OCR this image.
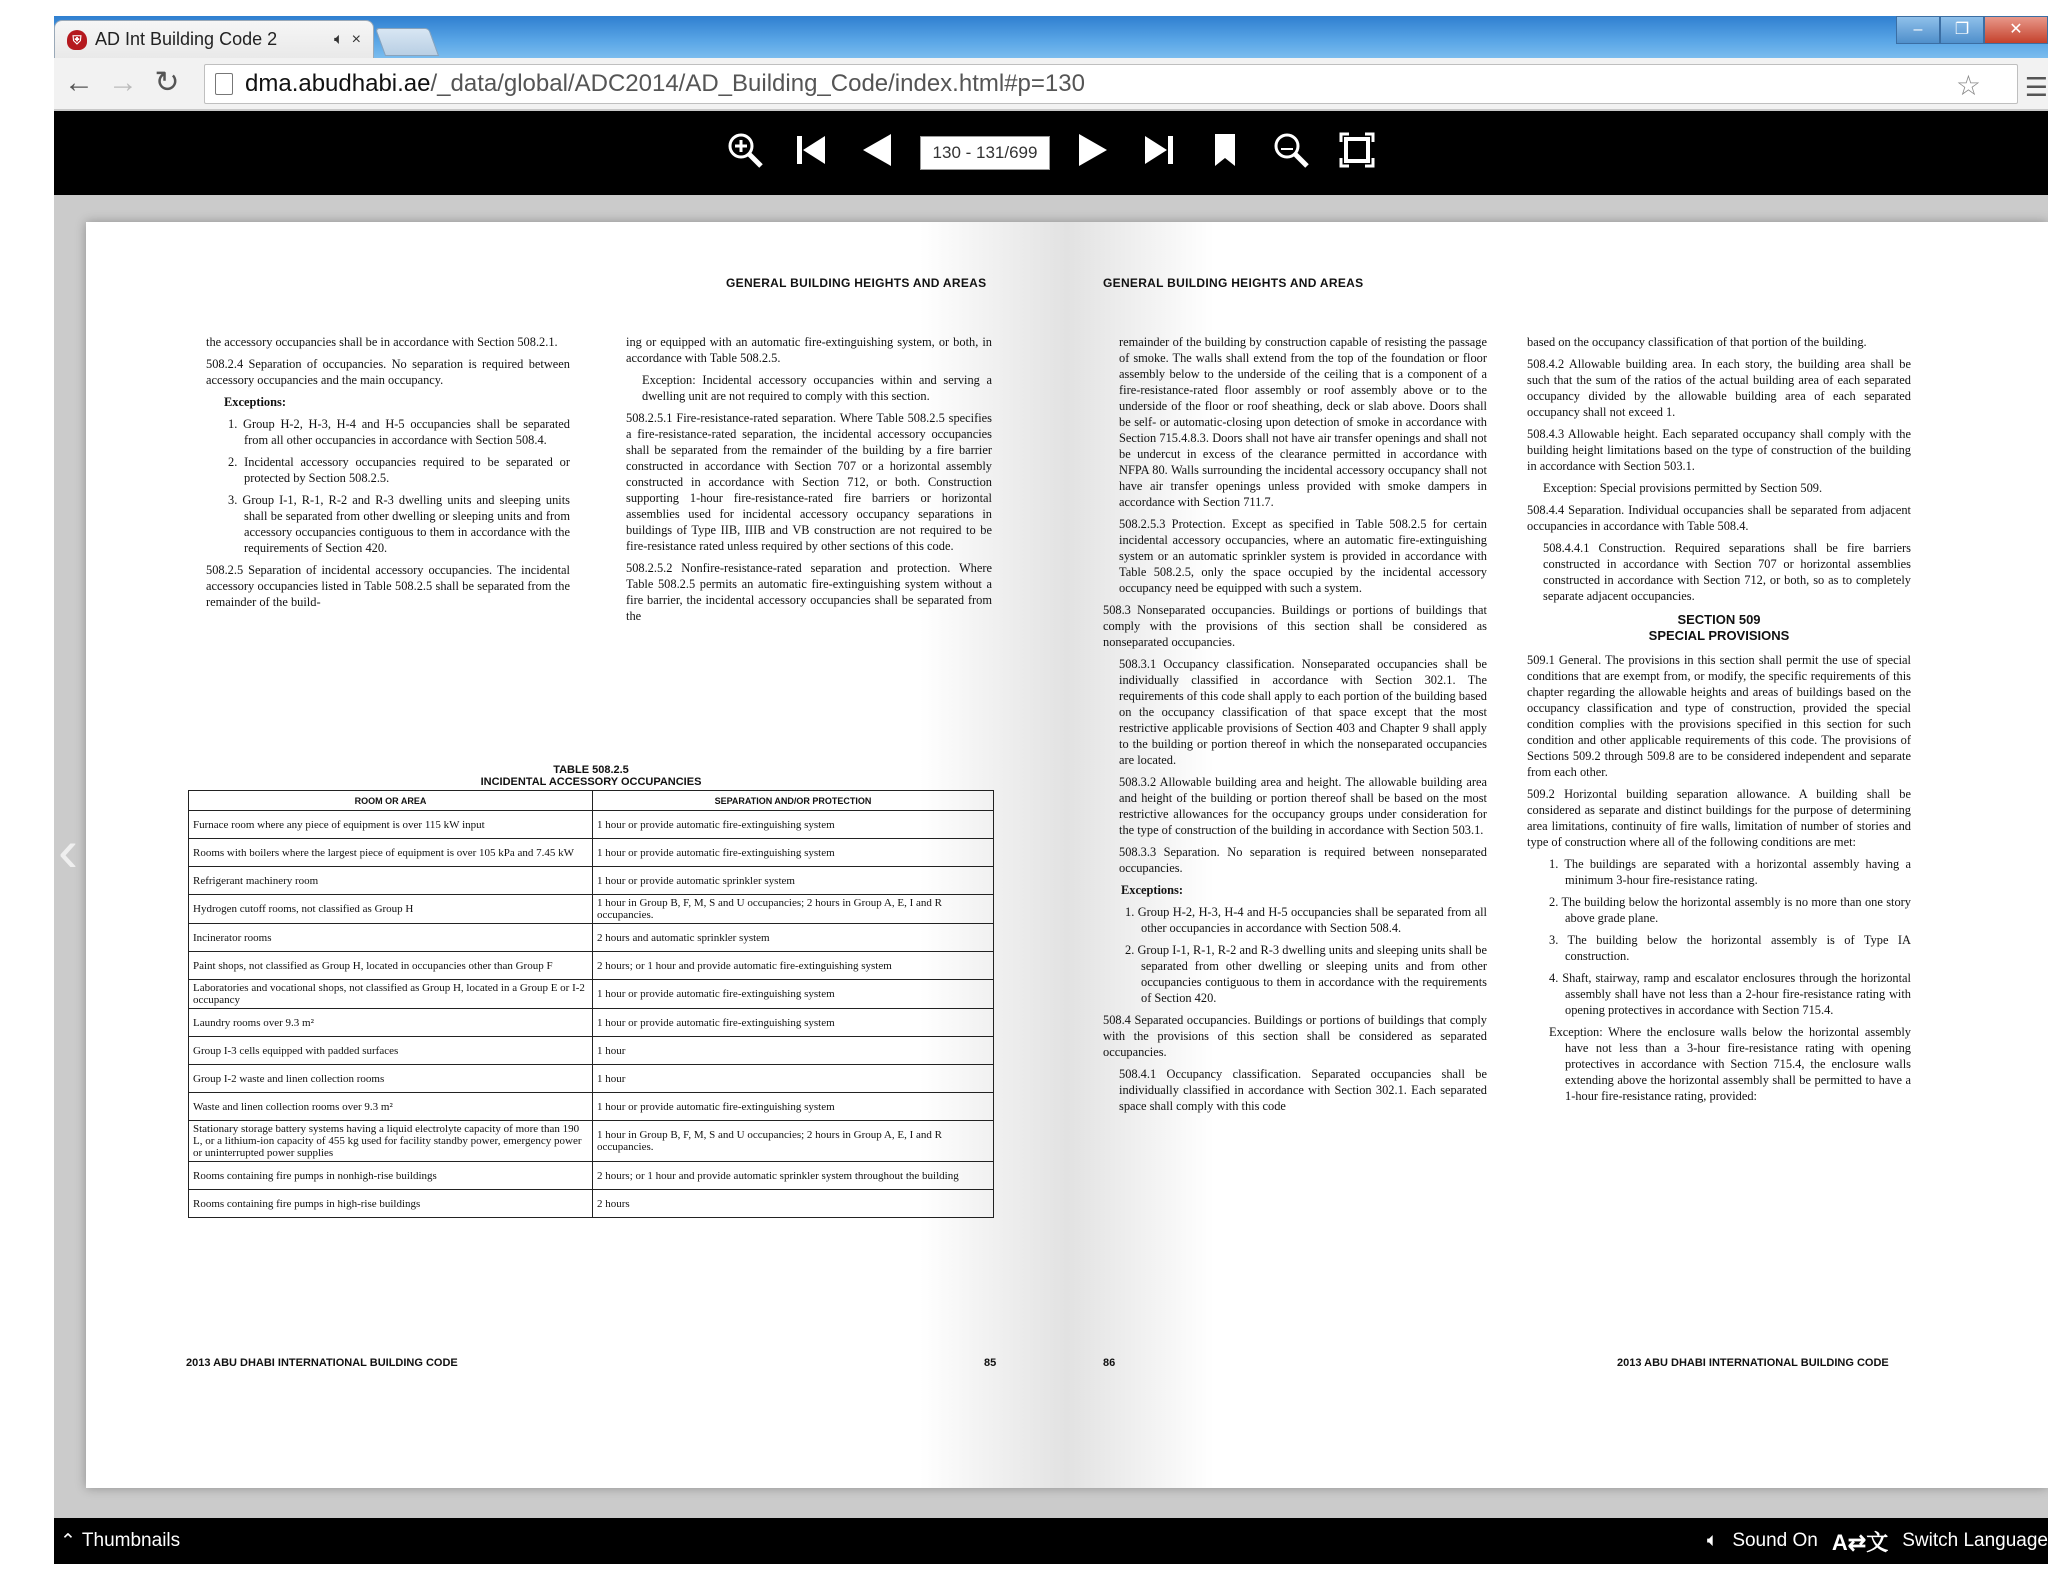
⛨ AD Int Building Code 2	🔈︎ ×
–	❐	✕
← → ↻	dma.abudhabi.ae/_data/global/ADC2014/AD_Building_Code/index.html#p=130	☆ ☰
130 - 131/699
‹
GENERAL BUILDING HEIGHTS AND AREAS

the accessory occupancies shall be in accordance with Section 508.2.1.

508.2.4 Separation of occupancies. No separation is required between accessory occupancies and the main occupancy.

Exceptions:

1. Group H-2, H-3, H-4 and H-5 occupancies shall be separated from all other occupancies in accordance with Section 508.4.

2. Incidental accessory occupancies required to be separated or protected by Section 508.2.5.

3. Group I-1, R-1, R-2 and R-3 dwelling units and sleeping units shall be separated from other dwelling or sleeping units and from accessory occupancies contiguous to them in accordance with the requirements of Section 420.

508.2.5 Separation of incidental accessory occupancies. The incidental accessory occupancies listed in Table 508.2.5 shall be separated from the remainder of the build-

ing or equipped with an automatic fire-extinguishing system, or both, in accordance with Table 508.2.5.

Exception: Incidental accessory occupancies within and serving a dwelling unit are not required to comply with this section.

508.2.5.1 Fire-resistance-rated separation. Where Table 508.2.5 specifies a fire-resistance-rated separation, the incidental accessory occupancies shall be separated from the remainder of the building by a fire barrier constructed in accordance with Section 707 or a horizontal assembly constructed in accordance with Section 712, or both. Construction supporting 1-hour fire-resistance-rated fire barriers or horizontal assemblies used for incidental accessory occupancy separations in buildings of Type IIB, IIIB and VB construction are not required to be fire-resistance rated unless required by other sections of this code.

508.2.5.2 Nonfire-resistance-rated separation and protection. Where Table 508.2.5 permits an automatic fire-extinguishing system without a fire barrier, the incidental accessory occupancies shall be separated from the

TABLE 508.2.5
INCIDENTAL ACCESSORY OCCUPANCIES
ROOM OR AREA	SEPARATION AND/OR PROTECTION
Furnace room where any piece of equipment is over 115 kW input	1 hour or provide automatic fire-extinguishing system
Rooms with boilers where the largest piece of equipment is over 105 kPa and 7.45 kW	1 hour or provide automatic fire-extinguishing system
Refrigerant machinery room	1 hour or provide automatic sprinkler system
Hydrogen cutoff rooms, not classified as Group H	1 hour in Group B, F, M, S and U occupancies; 2 hours in Group A, E, I and R occupancies.
Incinerator rooms	2 hours and automatic sprinkler system
Paint shops, not classified as Group H, located in occupancies other than Group F	2 hours; or 1 hour and provide automatic fire-extinguishing system
Laboratories and vocational shops, not classified as Group H, located in a Group E or I-2 occupancy	1 hour or provide automatic fire-extinguishing system
Laundry rooms over 9.3 m²	1 hour or provide automatic fire-extinguishing system
Group I-3 cells equipped with padded surfaces	1 hour
Group I-2 waste and linen collection rooms	1 hour
Waste and linen collection rooms over 9.3 m²	1 hour or provide automatic fire-extinguishing system
Stationary storage battery systems having a liquid electrolyte capacity of more than 190 L, or a lithium-ion capacity of 455 kg used for facility standby power, emergency power or uninterrupted power supplies	1 hour in Group B, F, M, S and U occupancies; 2 hours in Group A, E, I and R occupancies.
Rooms containing fire pumps in nonhigh-rise buildings	2 hours; or 1 hour and provide automatic sprinkler system throughout the building
Rooms containing fire pumps in high-rise buildings	2 hours
2013 ABU DHABI INTERNATIONAL BUILDING CODE	85
GENERAL BUILDING HEIGHTS AND AREAS

remainder of the building by construction capable of resisting the passage of smoke. The walls shall extend from the top of the foundation or floor assembly below to the underside of the ceiling that is a component of a fire-resistance-rated floor assembly or roof assembly above or to the underside of the floor or roof sheathing, deck or slab above. Doors shall be self- or automatic-closing upon detection of smoke in accordance with Section 715.4.8.3. Doors shall not have air transfer openings and shall not be undercut in excess of the clearance permitted in accordance with NFPA 80. Walls surrounding the incidental accessory occupancy shall not have air transfer openings unless provided with smoke dampers in accordance with Section 711.7.

508.2.5.3 Protection. Except as specified in Table 508.2.5 for certain incidental accessory occupancies, where an automatic fire-extinguishing system or an automatic sprinkler system is provided in accordance with Table 508.2.5, only the space occupied by the incidental accessory occupancy need be equipped with such a system.

508.3 Nonseparated occupancies. Buildings or portions of buildings that comply with the provisions of this section shall be considered as nonseparated occupancies.

508.3.1 Occupancy classification. Nonseparated occupancies shall be individually classified in accordance with Section 302.1. The requirements of this code shall apply to each portion of the building based on the occupancy classification of that space except that the most restrictive applicable provisions of Section 403 and Chapter 9 shall apply to the building or portion thereof in which the nonseparated occupancies are located.

508.3.2 Allowable building area and height. The allowable building area and height of the building or portion thereof shall be based on the most restrictive allowances for the occupancy groups under consideration for the type of construction of the building in accordance with Section 503.1.

508.3.3 Separation. No separation is required between nonseparated occupancies.

Exceptions:

1. Group H-2, H-3, H-4 and H-5 occupancies shall be separated from all other occupancies in accordance with Section 508.4.

2. Group I-1, R-1, R-2 and R-3 dwelling units and sleeping units shall be separated from other dwelling or sleeping units and from other occupancies contiguous to them in accordance with the requirements of Section 420.

508.4 Separated occupancies. Buildings or portions of buildings that comply with the provisions of this section shall be considered as separated occupancies.

508.4.1 Occupancy classification. Separated occupancies shall be individually classified in accordance with Section 302.1. Each separated space shall comply with this code

based on the occupancy classification of that portion of the building.

508.4.2 Allowable building area. In each story, the building area shall be such that the sum of the ratios of the actual building area of each separated occupancy divided by the allowable building area of each separated occupancy shall not exceed 1.

508.4.3 Allowable height. Each separated occupancy shall comply with the building height limitations based on the type of construction of the building in accordance with Section 503.1.

Exception: Special provisions permitted by Section 509.

508.4.4 Separation. Individual occupancies shall be separated from adjacent occupancies in accordance with Table 508.4.

508.4.4.1 Construction. Required separations shall be fire barriers constructed in accordance with Section 707 or horizontal assemblies constructed in accordance with Section 712, or both, so as to completely separate adjacent occupancies.

SECTION 509
SPECIAL PROVISIONS

509.1 General. The provisions in this section shall permit the use of special conditions that are exempt from, or modify, the specific requirements of this chapter regarding the allowable heights and areas of buildings based on the occupancy classification and type of construction, provided the special condition complies with the provisions specified in this section for such condition and other applicable requirements of this code. The provisions of Sections 509.2 through 509.8 are to be considered independent and separate from each other.

509.2 Horizontal building separation allowance. A building shall be considered as separate and distinct buildings for the purpose of determining area limitations, continuity of fire walls, limitation of number of stories and type of construction where all of the following conditions are met:

1. The buildings are separated with a horizontal assembly having a minimum 3-hour fire-resistance rating.

2. The building below the horizontal assembly is no more than one story above grade plane.

3. The building below the horizontal assembly is of Type IA construction.

4. Shaft, stairway, ramp and escalator enclosures through the horizontal assembly shall have not less than a 2-hour fire-resistance rating with opening protectives in accordance with Section 715.4.

Exception: Where the enclosure walls below the horizontal assembly have not less than a 3-hour fire-resistance rating with opening protectives in accordance with Section 715.4, the enclosure walls extending above the horizontal assembly shall be permitted to have a 1-hour fire-resistance rating, provided:

86	2013 ABU DHABI INTERNATIONAL BUILDING CODE
⌃ Thumbnails	🔈︎ Sound On A⇄文 Switch Language
